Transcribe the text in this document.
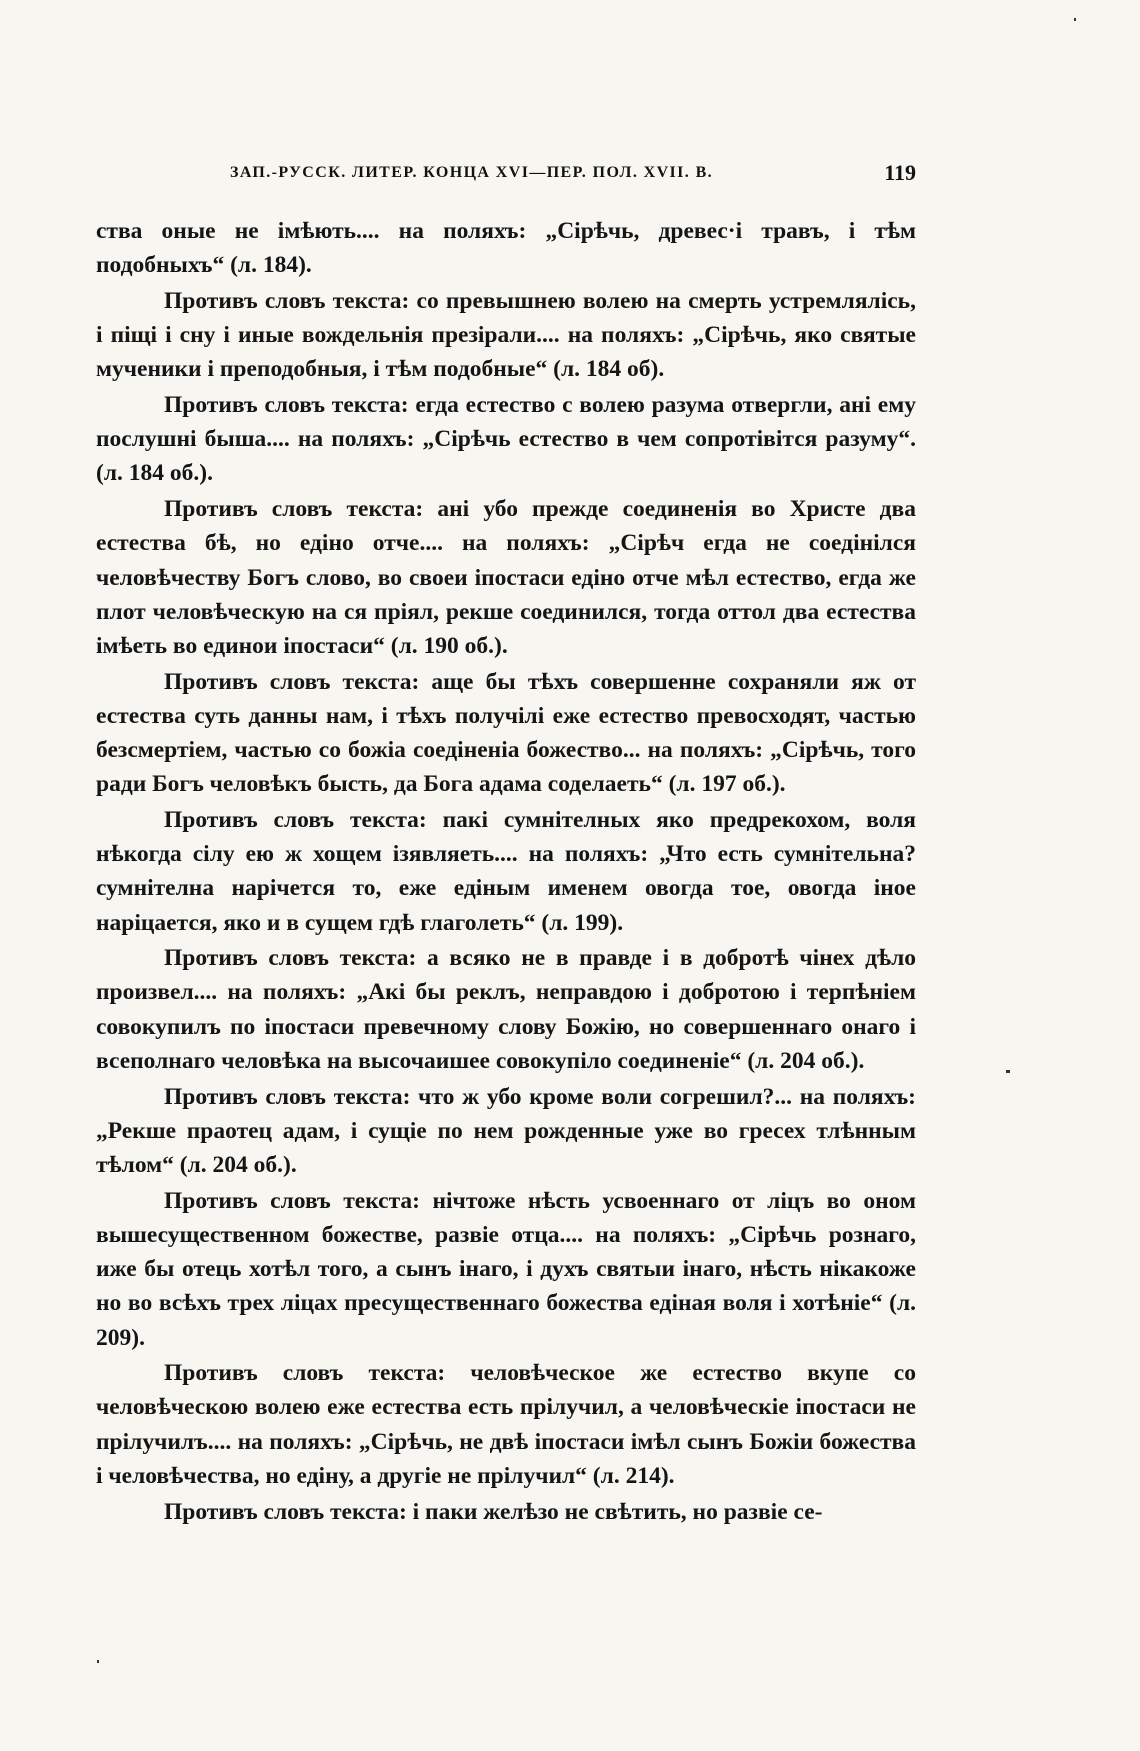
ЗАП.-РУССК. ЛИТЕР. КОНЦА XVI—ПЕР. ПОЛ. XVII. В.	119

ства оные не імѣють.... на поляхъ: „Сірѣчь, древес·і травъ, і тѣм подобныхъ“ (л. 184).

Противъ словъ текста: со превышнею волею на смерть устремлялісь, і піщі і сну і иные вождельнія презірали.... на поляхъ: „Сірѣчь, яко святые мученики і преподобныя, і тѣм подобные“ (л. 184 об).

Противъ словъ текста: егда естество с волею разума отвергли, ані ему послушні быша.... на поляхъ: „Сірѣчь естество в чем сопротівітся разуму“. (л. 184 об.).

Противъ словъ текста: ані убо прежде соединенія во Христе два естества бѣ, но едіно отче.... на поляхъ: „Сірѣч егда не соедінілся человѣчеству Богъ слово, во своеи іпостаси едіно отче мѣл естество, егда же плот человѣческую на ся пріял, рекше соединился, тогда оттол два естества імѣеть во единои іпостаси“ (л. 190 об.).

Противъ словъ текста: аще бы тѣхъ совершенне сохраняли яж от естества суть данны нам, і тѣхъ получілі еже естество превосходят, частью безсмертіем, частью со божіа соедіненіа божество... на поляхъ: „Сірѣчь, того ради Богъ человѣкъ бысть, да Бога адама соделаеть“ (л. 197 об.).

Противъ словъ текста: пакі сумнітелных яко предрекохом, воля нѣкогда сілу ею ж хощем ізявляеть.... на поляхъ: „Что есть сумнітельна? сумнітелна нарічется то, еже едіным именем овогда тое, овогда іное наріцается, яко и в сущем гдѣ глаголеть“ (л. 199).

Противъ словъ текста: а всяко не в правде і в добротѣ чінех дѣло произвел.... на поляхъ: „Акі бы реклъ, неправдою і добротою і терпѣніем совокупилъ по іпостаси превечному слову Божію, но совершеннаго онаго і всеполнаго человѣка на высочаишее совокупіло соединеніе“ (л. 204 об.).

Противъ словъ текста: что ж убо кроме воли согрешил?... на поляхъ: „Рекше праотец адам, і сущіе по нем рожденные уже во гресех тлѣнным тѣлом“ (л. 204 об.).

Противъ словъ текста: нічтоже нѣсть усвоеннаго от ліцъ во оном вышесущественном божестве, развіе отца.... на поляхъ: „Сірѣчь рознаго, иже бы отець хотѣл того, а сынъ інаго, і духъ святыи інаго, нѣсть нікакоже но во всѣхъ трех ліцах пресущественнаго божества едіная воля і хотѣніе“ (л. 209).

Противъ словъ текста: человѣческое же естество вкупе со человѣческою волею еже естества есть прілучил, а человѣческіе іпостаси не прілучилъ.... на поляхъ: „Сірѣчь, не двѣ іпостаси імѣл сынъ Божіи божества і человѣчества, но едіну, а другіе не прілучил“ (л. 214).

Противъ словъ текста: і паки желѣзо не свѣтить, но развіе се-
